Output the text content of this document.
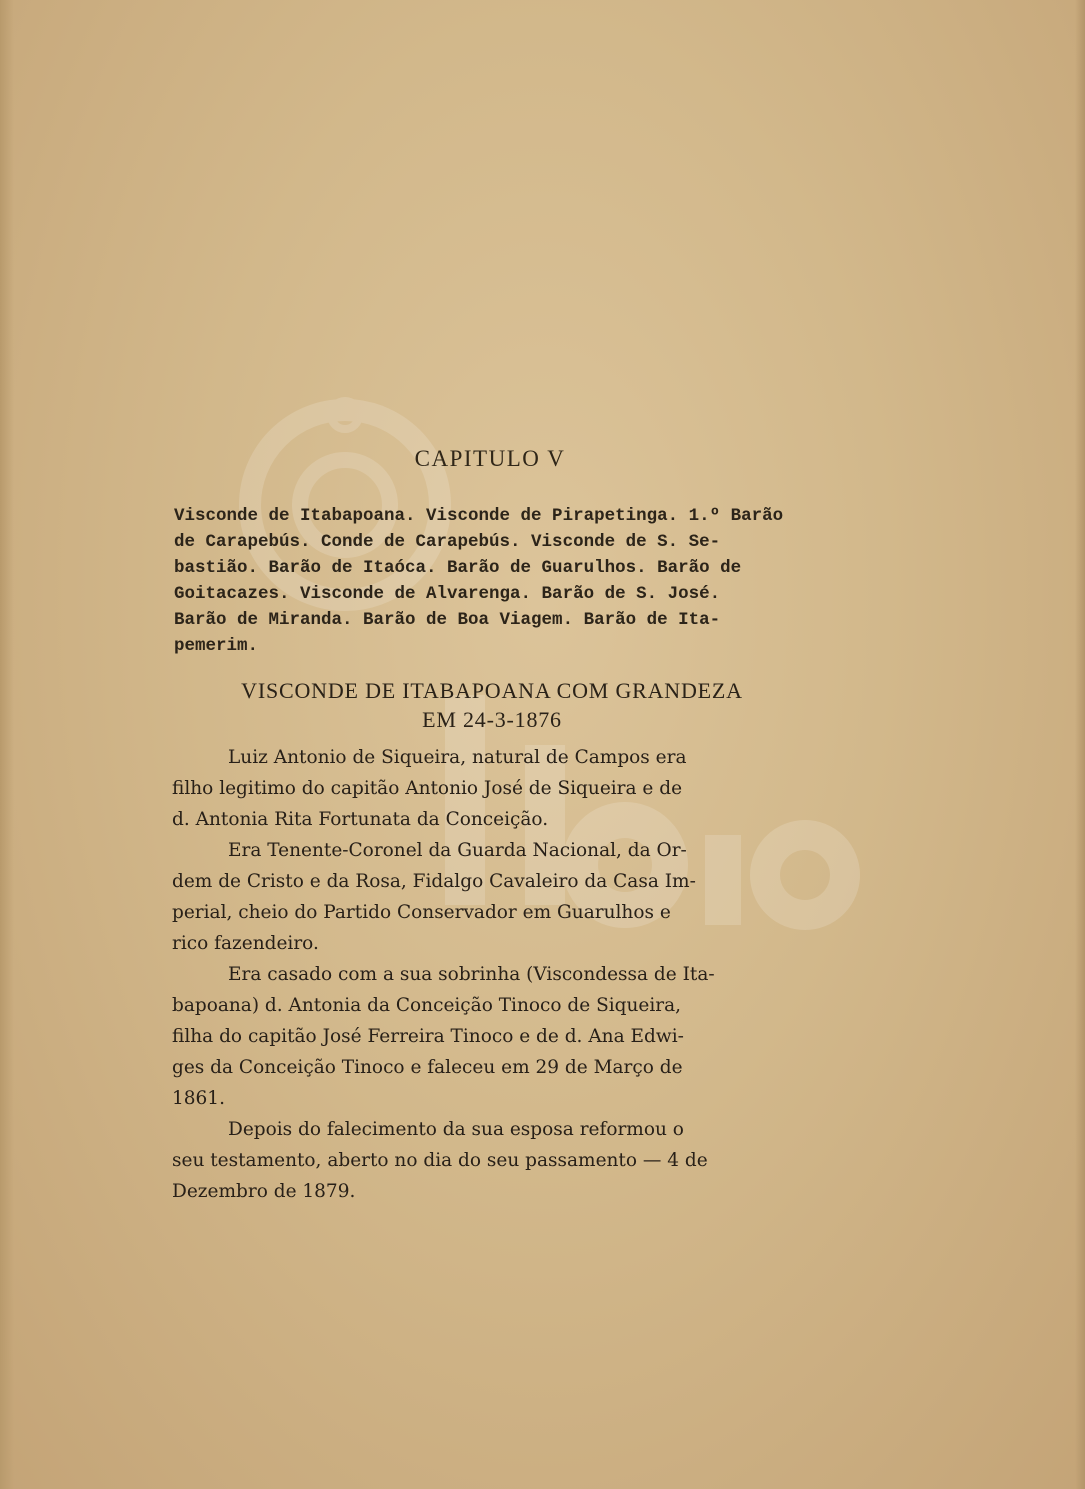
CAPITULO V
Visconde de Itabapoana. Visconde de Pirapetinga. 1.º Barão
de Carapebús. Conde de Carapebús. Visconde de S. Se-
bastião. Barão de Itaóca. Barão de Guarulhos. Barão de
Goitacazes. Visconde de Alvarenga. Barão de S. José.
Barão de Miranda. Barão de Boa Viagem. Barão de Ita-
pemerim.
VISCONDE DE ITABAPOANA COM GRANDEZA
EM 24-3-1876
Luiz Antonio de Siqueira, natural de Campos era
filho legitimo do capitão Antonio José de Siqueira e de
d. Antonia Rita Fortunata da Conceição.
Era Tenente-Coronel da Guarda Nacional, da Or-
dem de Cristo e da Rosa, Fidalgo Cavaleiro da Casa Im-
perial, cheio do Partido Conservador em Guarulhos e
rico fazendeiro.
Era casado com a sua sobrinha (Viscondessa de Ita-
bapoana) d. Antonia da Conceição Tinoco de Siqueira,
filha do capitão José Ferreira Tinoco e de d. Ana Edwi-
ges da Conceição Tinoco e faleceu em 29 de Março de
1861.
Depois do falecimento da sua esposa reformou o
seu testamento, aberto no dia do seu passamento — 4 de
Dezembro de 1879.
